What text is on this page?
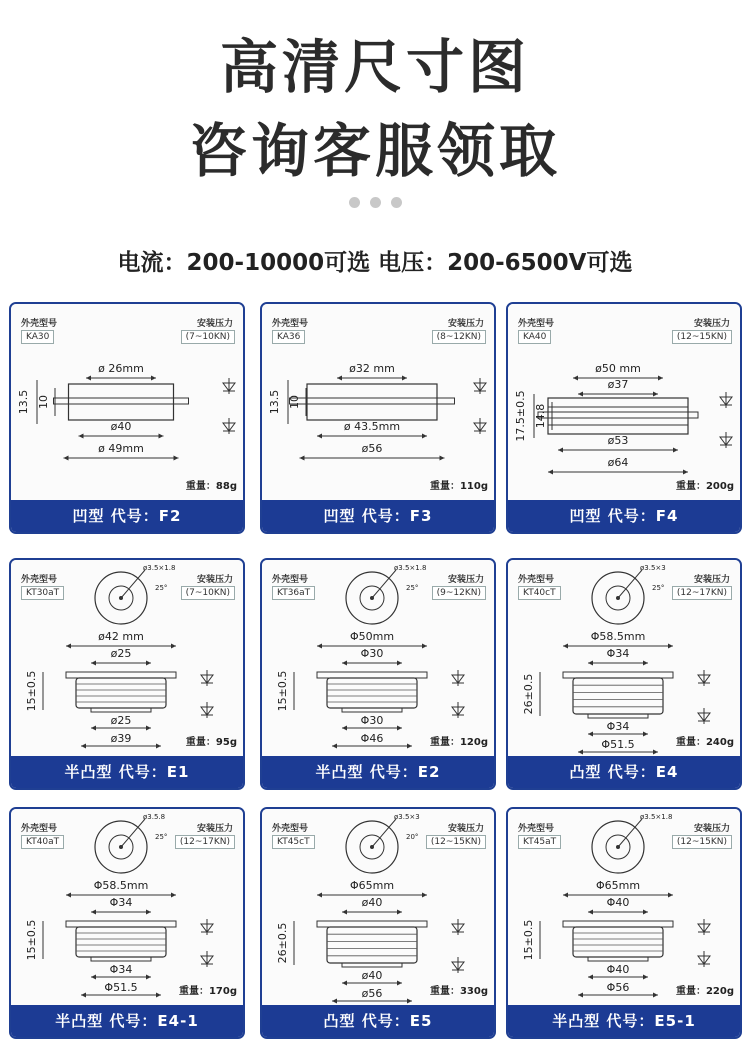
高清尺寸图
咨询客服领取
电流：200-10000可选 电压：200-6500V可选
ø 26mm
ø40
ø 49mm
13.5 10
外壳型号
KA30
安装压力
(7~10KN)
重量：88g
凹型 代号：F2
ø32 mm
ø 43.5mm
ø56
13.5 10
外壳型号
KA36
安装压力
(8~12KN)
重量：110g
凹型 代号：F3
ø50 mm
ø37
ø53
ø64
17.5±0.5 14.8
外壳型号
KA40
安装压力
(12~15KN)
重量：200g
凹型 代号：F4
ø3.5×1.8
25°
ø42 mm
ø25
ø25
ø39
15±0.5
外壳型号
KT30aT
安装压力
(7~10KN)
重量：95g
半凸型 代号：E1
ø3.5×1.8
25°
Φ50mm
Φ30
Φ30
Φ46
15±0.5
外壳型号
KT36aT
安装压力
(9~12KN)
重量：120g
半凸型 代号：E2
ø3.5×3
25°
Φ58.5mm
Φ34
Φ34
Φ51.5
26±0.5
外壳型号
KT40cT
安装压力
(12~17KN)
重量：240g
凸型 代号：E4
ø3.5.8
25°
Φ58.5mm
Φ34
Φ34
Φ51.5
15±0.5
外壳型号
KT40aT
安装压力
(12~17KN)
重量：170g
半凸型 代号：E4-1
ø3.5×3
20°
Φ65mm
ø40
ø40
ø56
26±0.5
外壳型号
KT45cT
安装压力
(12~15KN)
重量：330g
凸型 代号：E5
ø3.5×1.8
Φ65mm
Φ40
Φ40
Φ56
15±0.5
外壳型号
KT45aT
安装压力
(12~15KN)
重量：220g
半凸型 代号：E5-1
